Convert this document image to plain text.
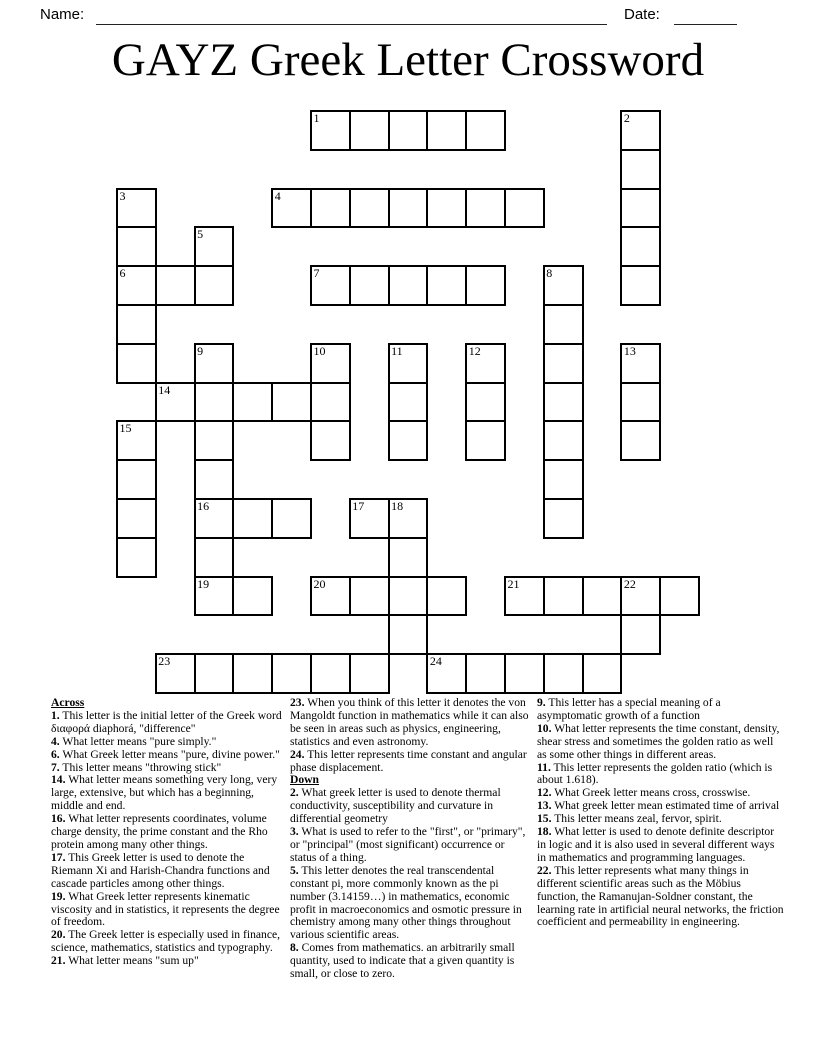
Name:	Date:
GAYZ Greek Letter Crossword
1	2
3	4
5
6	7	8
9	10	11	12	13
14
15
16	17 18
19	20	21	22
23	24
Across
1. This letter is the initial letter of the Greek word διαφορά diaphorá, "difference"
4. What letter means "pure simply."
6. What Greek letter means "pure, divine power."
7. This letter means "throwing stick"
14. What letter means something very long, very large, extensive, but which has a beginning, middle and end.
16. What letter represents coordinates, volume charge density, the prime constant and the Rho protein among many other things.
17. This Greek letter is used to denote the Riemann Xi and Harish-Chandra functions and cascade particles among other things.
19. What Greek letter represents kinematic viscosity and in statistics, it represents the degree of freedom.
20. The Greek letter is especially used in finance, science, mathematics, statistics and typography.
21. What letter means "sum up"
23. When you think of this letter it denotes the von Mangoldt function in mathematics while it can also be seen in areas such as physics, engineering, statistics and even astronomy.
24. This letter represents time constant and angular phase displacement.
Down
2. What greek letter is used to denote thermal conductivity, susceptibility and curvature in differential geometry
3. What is used to refer to the "first", or "primary", or "principal" (most significant) occurrence or status of a thing.
5. This letter denotes the real transcendental constant pi, more commonly known as the pi number (3.14159…) in mathematics, economic profit in macroeconomics and osmotic pressure in chemistry among many other things throughout various scientific areas.
8. Comes from mathematics. an arbitrarily small quantity, used to indicate that a given quantity is small, or close to zero.
9. This letter has a special meaning of a asymptomatic growth of a function
10. What letter represents the time constant, density, shear stress and sometimes the golden ratio as well as some other things in different areas.
11. This letter represents the golden ratio (which is about 1.618).
12. What Greek letter means cross, crosswise.
13. What greek letter mean estimated time of arrival
15. This letter means zeal, fervor, spirit.
18. What letter is used to denote definite descriptor in logic and it is also used in several different ways in mathematics and programming languages.
22. This letter represents what many things in different scientific areas such as the Möbius function, the Ramanujan-Soldner constant, the learning rate in artificial neural networks, the friction coefficient and permeability in engineering.
